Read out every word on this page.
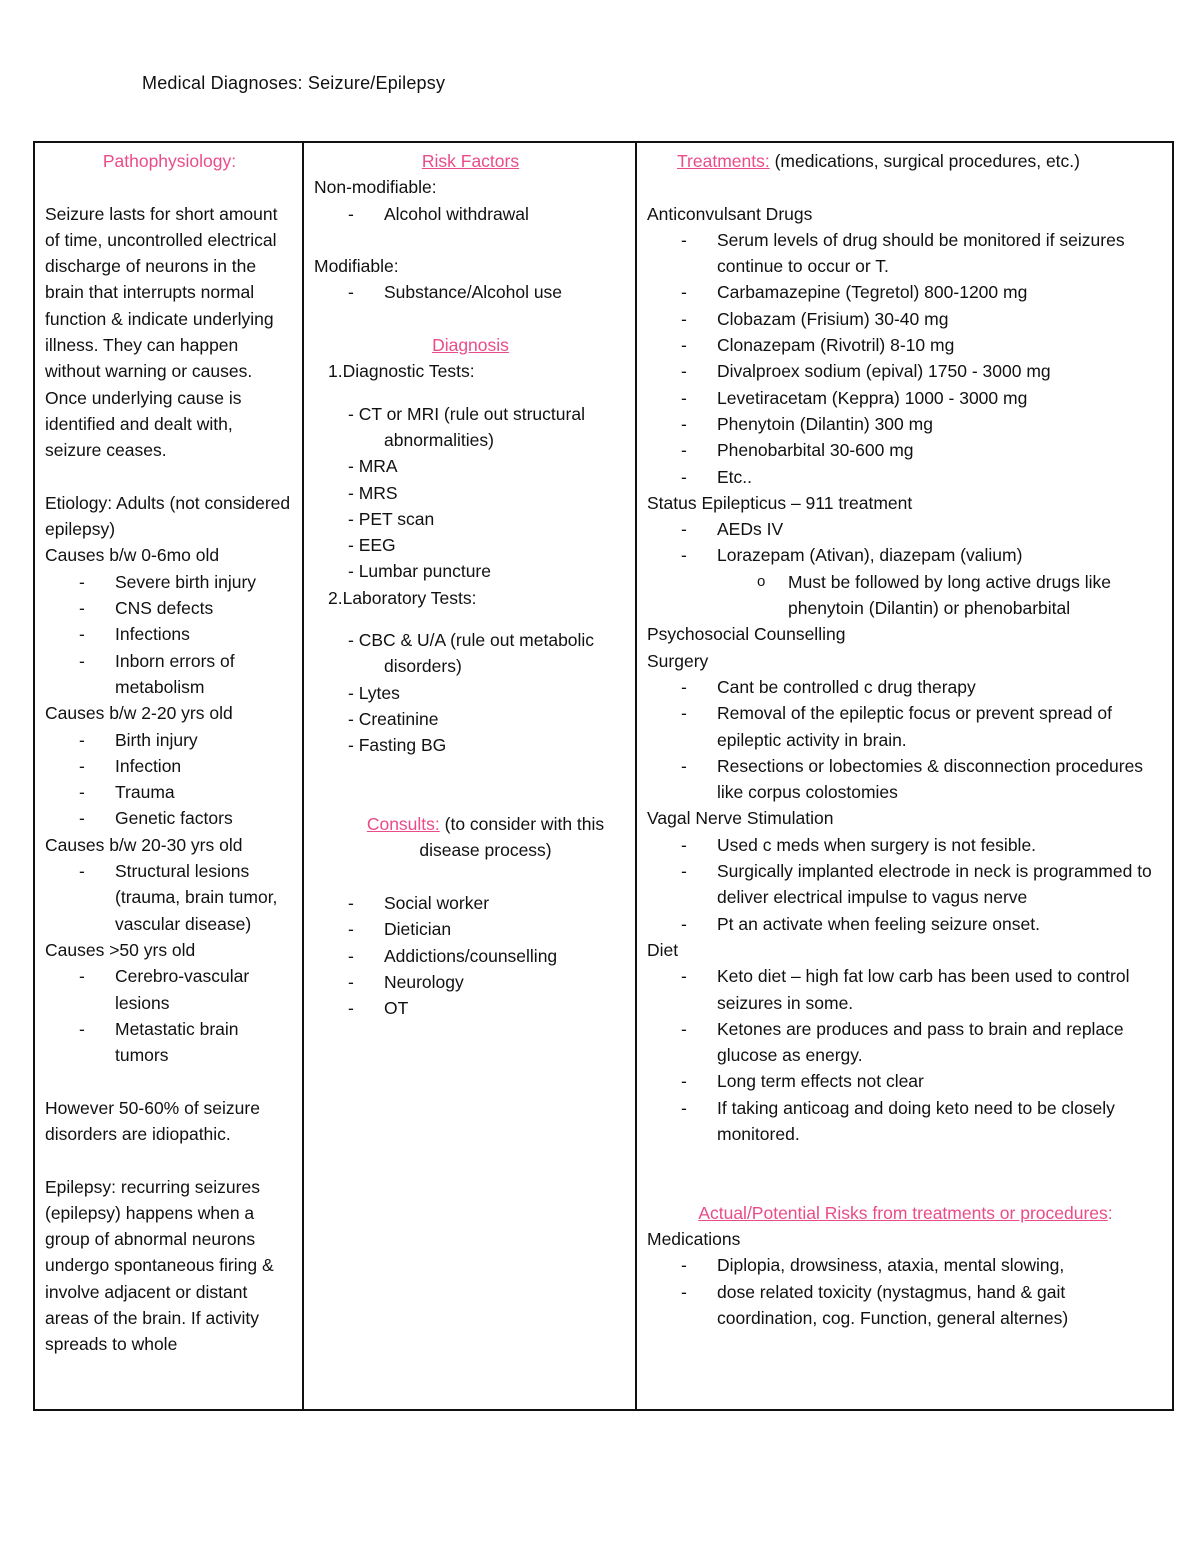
Medical Diagnoses: Seizure/Epilepsy
Pathophysiology:
Seizure lasts for short amount of time, uncontrolled electrical discharge of neurons in the brain that interrupts normal function & indicate underlying illness. They can happen without warning or causes. Once underlying cause is identified and dealt with, seizure ceases.
Etiology: Adults (not considered epilepsy)
Causes b/w 0-6mo old
- Severe birth injury
- CNS defects
- Infections
- Inborn errors of metabolism
Causes b/w 2-20 yrs old
- Birth injury
- Infection
- Trauma
- Genetic factors
Causes b/w 20-30 yrs old
- Structural lesions (trauma, brain tumor, vascular disease)
Causes >50 yrs old
- Cerebro-vascular lesions
- Metastatic brain tumors
However 50-60% of seizure disorders are idiopathic.
Epilepsy: recurring seizures (epilepsy) happens when a group of abnormal neurons undergo spontaneous firing & involve adjacent or distant areas of the brain. If activity spreads to whole

Risk Factors
Non-modifiable:
- Alcohol withdrawal
Modifiable:
- Substance/Alcohol use
Diagnosis
1.Diagnostic Tests:
- CT or MRI (rule out structural abnormalities)
- MRA
- MRS
- PET scan
- EEG
- Lumbar puncture
2.Laboratory Tests:
- CBC & U/A (rule out metabolic disorders)
- Lytes
- Creatinine
- Fasting BG
Consults: (to consider with this disease process)
- Social worker
- Dietician
- Addictions/counselling
- Neurology
- OT

Treatments: (medications, surgical procedures, etc.)
Anticonvulsant Drugs
- Serum levels of drug should be monitored if seizures continue to occur or T.
- Carbamazepine (Tegretol) 800-1200 mg
- Clobazam (Frisium) 30-40 mg
- Clonazepam (Rivotril) 8-10 mg
- Divalproex sodium (epival) 1750 - 3000 mg
- Levetiracetam (Keppra) 1000 - 3000 mg
- Phenytoin (Dilantin) 300 mg
- Phenobarbital 30-600 mg
- Etc..
Status Epilepticus – 911 treatment
- AEDs IV
- Lorazepam (Ativan), diazepam (valium)
o Must be followed by long active drugs like phenytoin (Dilantin) or phenobarbital
Psychosocial Counselling
Surgery
- Cant be controlled c drug therapy
- Removal of the epileptic focus or prevent spread of epileptic activity in brain.
- Resections or lobectomies & disconnection procedures like corpus colostomies
Vagal Nerve Stimulation
- Used c meds when surgery is not fesible.
- Surgically implanted electrode in neck is programmed to deliver electrical impulse to vagus nerve
- Pt an activate when feeling seizure onset.
Diet
- Keto diet – high fat low carb has been used to control seizures in some.
- Ketones are produces and pass to brain and replace glucose as energy.
- Long term effects not clear
- If taking anticoag and doing keto need to be closely monitored.
Actual/Potential Risks from treatments or procedures:
Medications
- Diplopia, drowsiness, ataxia, mental slowing,
- dose related toxicity (nystagmus, hand & gait coordination, cog. Function, general alternes)
